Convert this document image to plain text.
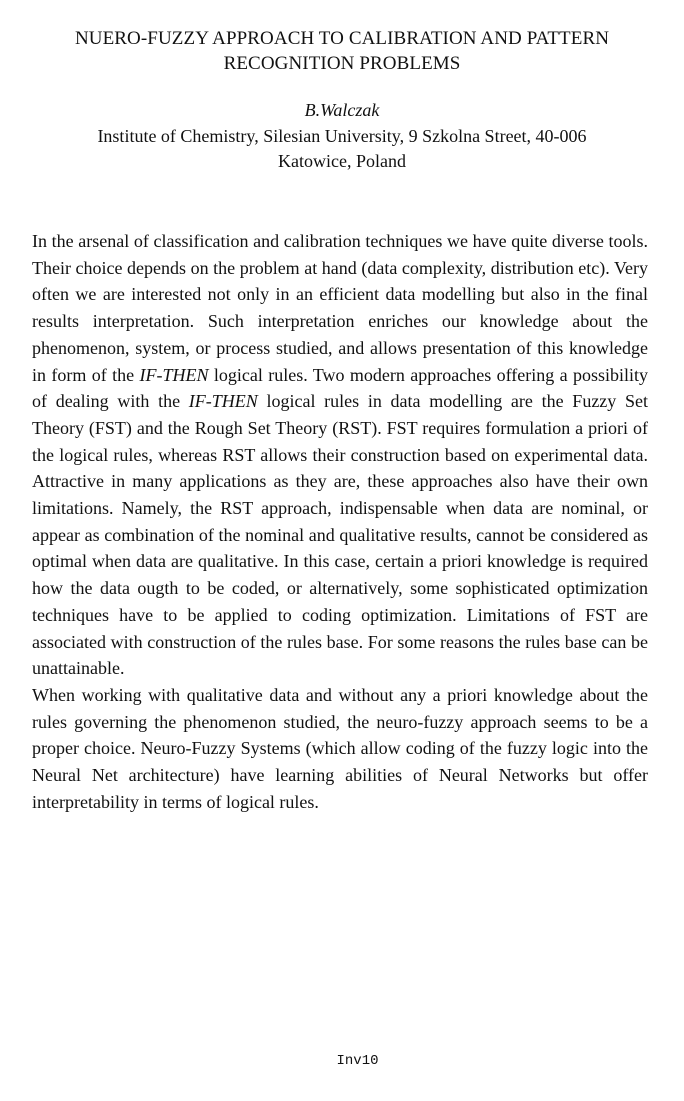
NUERO-FUZZY APPROACH TO CALIBRATION AND PATTERN
RECOGNITION PROBLEMS
B.Walczak
Institute of Chemistry, Silesian University, 9 Szkolna Street, 40-006
Katowice, Poland

In the arsenal of classification and calibration techniques we have quite diverse tools. Their choice depends on the problem at hand (data complexity, distribution etc). Very often we are interested not only in an efficient data modelling but also in the final results interpretation. Such interpretation enriches our knowledge about the phenomenon, system, or process studied, and allows presentation of this knowledge in form of the IF-THEN logical rules. Two modern approaches offering a possibility of dealing with the IF-THEN logical rules in data modelling are the Fuzzy Set Theory (FST) and the Rough Set Theory (RST). FST requires formulation a priori of the logical rules, whereas RST allows their construction based on experimental data. Attractive in many applications as they are, these approaches also have their own limitations. Namely, the RST approach, indispensable when data are nominal, or appear as combination of the nominal and qualitative results, cannot be considered as optimal when data are qualitative. In this case, certain a priori knowledge is required how the data ougth to be coded, or alternatively, some sophisticated optimization techniques have to be applied to coding optimization. Limitations of FST are associated with construction of the rules base. For some reasons the rules base can be unattainable.

When working with qualitative data and without any a priori knowledge about the rules governing the phenomenon studied, the neuro-fuzzy approach seems to be a proper choice. Neuro-Fuzzy Systems (which allow coding of the fuzzy logic into the Neural Net architecture) have learning abilities of Neural Networks but offer interpretability in terms of logical rules.

Inv10
